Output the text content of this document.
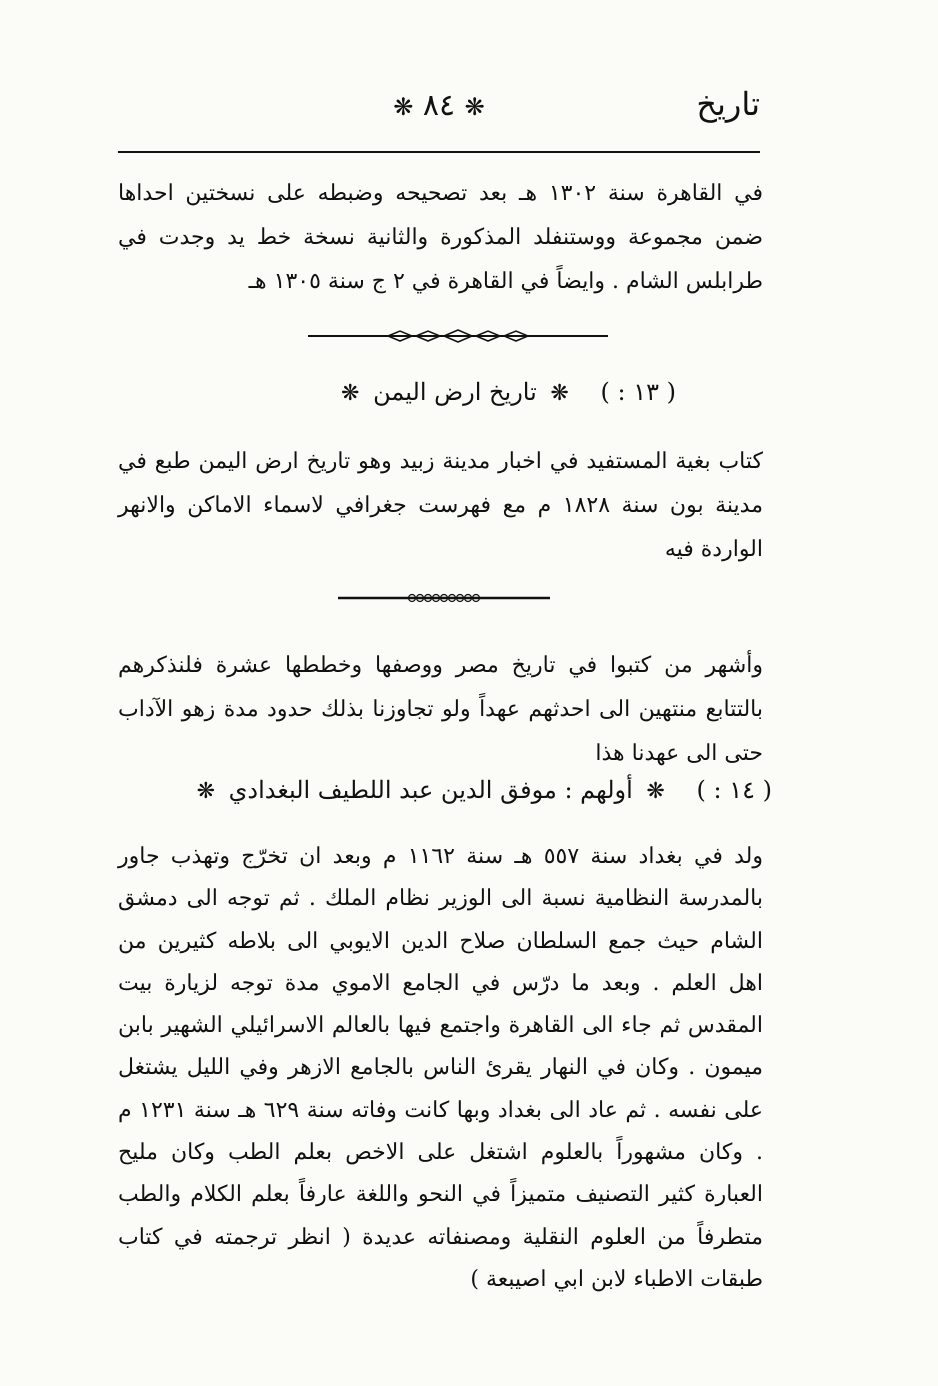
❋ ٨٤ ❋	تاريخ
في القاهرة سنة ١٣٠٢ هـ بعد تصحيحه وضبطه على نسختين احداها ضمن مجموعة ووستنفلد المذكورة والثانية نسخة خط يد وجدت في طرابلس الشام . وايضاً في القاهرة في ٢ ج سنة ١٣٠٥ هـ
( ١٣ : ) ❋ تاريخ ارض اليمن ❋
كتاب بغية المستفيد في اخبار مدينة زبيد وهو تاريخ ارض اليمن طبع في مدينة بون سنة ١٨٢٨ م مع فهرست جغرافي لاسماء الاماكن والانهر الواردة فيه
وأشهر من كتبوا في تاريخ مصر ووصفها وخططها عشرة فلنذكرهم بالتتابع منتهين الى احدثهم عهداً ولو تجاوزنا بذلك حدود مدة زهو الآداب حتى الى عهدنا هذا
( ١٤ : ) ❋ أولهم : موفق الدين عبد اللطيف البغدادي ❋
ولد في بغداد سنة ٥٥٧ هـ سنة ١١٦٢ م وبعد ان تخرّج وتهذب جاور بالمدرسة النظامية نسبة الى الوزير نظام الملك . ثم توجه الى دمشق الشام حيث جمع السلطان صلاح الدين الايوبي الى بلاطه كثيرين من اهل العلم . وبعد ما درّس في الجامع الاموي مدة توجه لزيارة بيت المقدس ثم جاء الى القاهرة واجتمع فيها بالعالم الاسرائيلي الشهير بابن ميمون . وكان في النهار يقرئ الناس بالجامع الازهر وفي الليل يشتغل على نفسه . ثم عاد الى بغداد وبها كانت وفاته سنة ٦٢٩ هـ سنة ١٢٣١ م . وكان مشهوراً بالعلوم اشتغل على الاخص بعلم الطب وكان مليح العبارة كثير التصنيف متميزاً في النحو واللغة عارفاً بعلم الكلام والطب متطرفاً من العلوم النقلية ومصنفاته عديدة ( انظر ترجمته في كتاب طبقات الاطباء لابن ابي اصيبعة )
